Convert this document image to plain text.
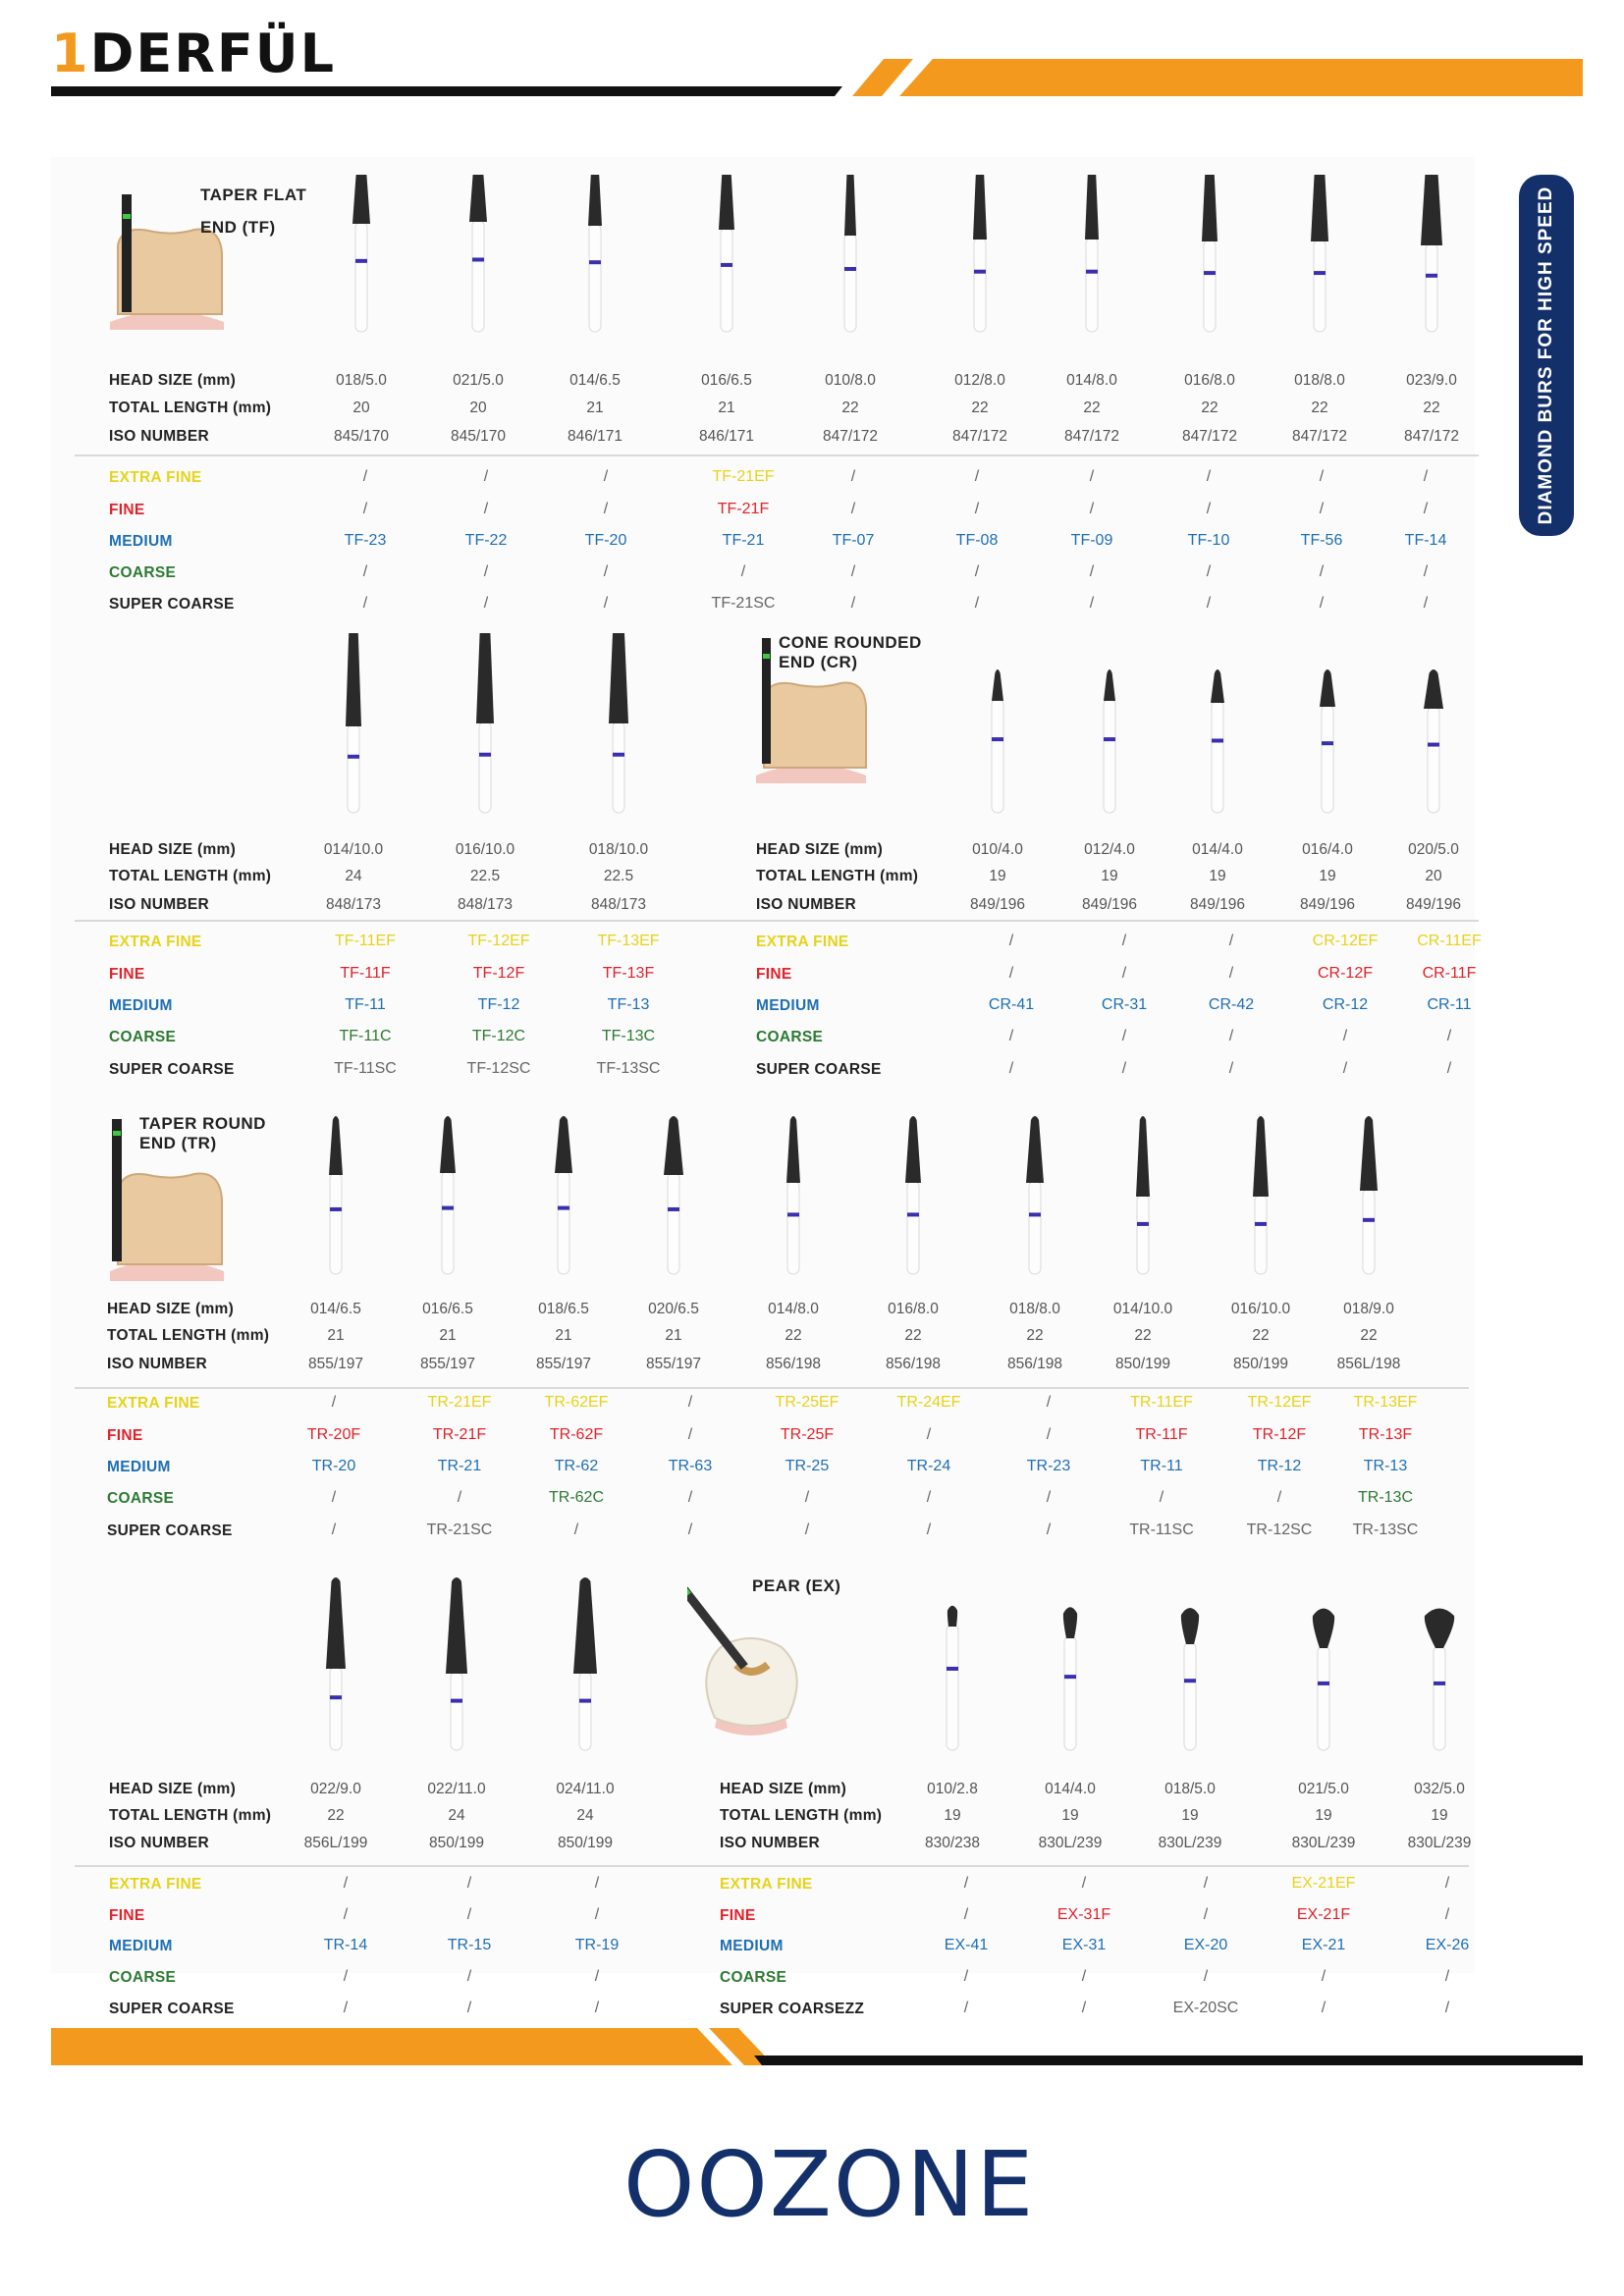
1DERFÜL
DIAMOND BURS FOR HIGH SPEED
TAPER FLAT
END (TF)
CONE ROUNDED
END (CR)
TAPER ROUND
END (TR)
PEAR (EX)
HEAD SIZE (mm)
TOTAL LENGTH (mm)
ISO NUMBER
EXTRA FINE
FINE
MEDIUM
COARSE
SUPER COARSE
018/5.0
20
845/170
/
/
TF-23
/
/
021/5.0
20
845/170
/
/
TF-22
/
/
014/6.5
21
846/171
/
/
TF-20
/
/
016/6.5
21
846/171
TF-21EF
TF-21F
TF-21
/
TF-21SC
010/8.0
22
847/172
/
/
TF-07
/
/
012/8.0
22
847/172
/
/
TF-08
/
/
014/8.0
22
847/172
/
/
TF-09
/
/
016/8.0
22
847/172
/
/
TF-10
/
/
018/8.0
22
847/172
/
/
TF-56
/
/
023/9.0
22
847/172
/
/
TF-14
/
/
HEAD SIZE (mm)
TOTAL LENGTH (mm)
ISO NUMBER
EXTRA FINE
FINE
MEDIUM
COARSE
SUPER COARSE
014/10.0
24
848/173
TF-11EF
TF-11F
TF-11
TF-11C
TF-11SC
016/10.0
22.5
848/173
TF-12EF
TF-12F
TF-12
TF-12C
TF-12SC
018/10.0
22.5
848/173
TF-13EF
TF-13F
TF-13
TF-13C
TF-13SC
HEAD SIZE (mm)
TOTAL LENGTH (mm)
ISO NUMBER
EXTRA FINE
FINE
MEDIUM
COARSE
SUPER COARSE
010/4.0
19
849/196
/
/
CR-41
/
/
012/4.0
19
849/196
/
/
CR-31
/
/
014/4.0
19
849/196
/
/
CR-42
/
/
016/4.0
19
849/196
CR-12EF
CR-12F
CR-12
/
/
020/5.0
20
849/196
CR-11EF
CR-11F
CR-11
/
/
HEAD SIZE (mm)
TOTAL LENGTH (mm)
ISO NUMBER
EXTRA FINE
FINE
MEDIUM
COARSE
SUPER COARSE
014/6.5
21
855/197
/
TR-20F
TR-20
/
/
016/6.5
21
855/197
TR-21EF
TR-21F
TR-21
/
TR-21SC
018/6.5
21
855/197
TR-62EF
TR-62F
TR-62
TR-62C
/
020/6.5
21
855/197
/
/
TR-63
/
/
014/8.0
22
856/198
TR-25EF
TR-25F
TR-25
/
/
016/8.0
22
856/198
TR-24EF
/
TR-24
/
/
018/8.0
22
856/198
/
/
TR-23
/
/
014/10.0
22
850/199
TR-11EF
TR-11F
TR-11
/
TR-11SC
016/10.0
22
850/199
TR-12EF
TR-12F
TR-12
/
TR-12SC
018/9.0
22
856L/198
TR-13EF
TR-13F
TR-13
TR-13C
TR-13SC
HEAD SIZE (mm)
TOTAL LENGTH (mm)
ISO NUMBER
EXTRA FINE
FINE
MEDIUM
COARSE
SUPER COARSE
022/9.0
22
856L/199
/
/
TR-14
/
/
022/11.0
24
850/199
/
/
TR-15
/
/
024/11.0
24
850/199
/
/
TR-19
/
/
HEAD SIZE (mm)
TOTAL LENGTH (mm)
ISO NUMBER
EXTRA FINE
FINE
MEDIUM
COARSE
SUPER COARSEZZ
010/2.8
19
830/238
/
/
EX-41
/
/
014/4.0
19
830L/239
/
EX-31F
EX-31
/
/
018/5.0
19
830L/239
/
/
EX-20
/
EX-20SC
021/5.0
19
830L/239
EX-21EF
EX-21F
EX-21
/
/
032/5.0
19
830L/239
/
/
EX-26
/
/
OOZONE
